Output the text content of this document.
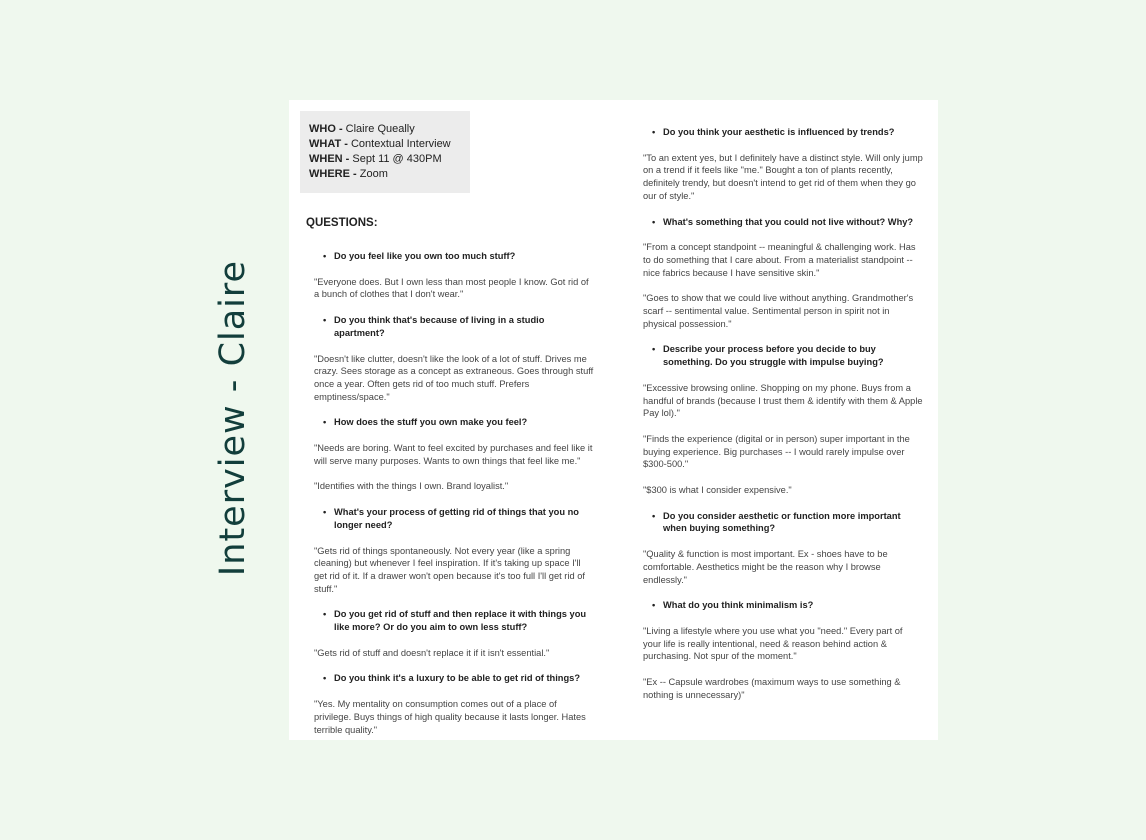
Interview - Claire
WHO - Claire Queally
WHAT - Contextual Interview
WHEN - Sept 11 @ 430PM
WHERE - Zoom
QUESTIONS:
• Do you feel like you own too much stuff?
"Everyone does. But I own less than most people I know. Got rid of a bunch of clothes that I don't wear."
• Do you think that's because of living in a studio apartment?
"Doesn't like clutter, doesn't like the look of a lot of stuff. Drives me crazy. Sees storage as a concept as extraneous. Goes through stuff once a year. Often gets rid of too much stuff. Prefers emptiness/space."
• How does the stuff you own make you feel?
"Needs are boring. Want to feel excited by purchases and feel like it will serve many purposes. Wants to own things that feel like me."
"Identifies with the things I own. Brand loyalist."
• What's your process of getting rid of things that you no longer need?
"Gets rid of things spontaneously. Not every year (like a spring cleaning) but whenever I feel inspiration. If it's taking up space I'll get rid of it. If a drawer won't open because it's too full I'll get rid of stuff."
• Do you get rid of stuff and then replace it with things you like more? Or do you aim to own less stuff?
"Gets rid of stuff and doesn't replace it if it isn't essential."
• Do you think it's a luxury to be able to get rid of things?
"Yes. My mentality on consumption comes out of a place of privilege. Buys things of high quality because it lasts longer. Hates terrible quality."
• Do you think your aesthetic is influenced by trends?
"To an extent yes, but I definitely have a distinct style. Will only jump on a trend if it feels like "me." Bought a ton of plants recently, definitely trendy, but doesn't intend to get rid of them when they go our of style."
• What's something that you could not live without? Why?
"From a concept standpoint -- meaningful & challenging work. Has to do something that I care about. From a materialist standpoint -- nice fabrics because I have sensitive skin."
"Goes to show that we could live without anything. Grandmother's scarf -- sentimental value. Sentimental person in spirit not in physical possession."
• Describe your process before you decide to buy something. Do you struggle with impulse buying?
"Excessive browsing online. Shopping on my phone. Buys from a handful of brands (because I trust them & identify with them & Apple Pay lol)."
"Finds the experience (digital or in person) super important in the buying experience. Big purchases -- I would rarely impulse over $300-500."
"$300 is what I consider expensive."
• Do you consider aesthetic or function more important when buying something?
"Quality & function is most important. Ex - shoes have to be comfortable. Aesthetics might be the reason why I browse endlessly."
• What do you think minimalism is?
"Living a lifestyle where you use what you "need." Every part of your life is really intentional, need & reason behind action & purchasing. Not spur of the moment."
"Ex -- Capsule wardrobes (maximum ways to use something & nothing is unnecessary)"
